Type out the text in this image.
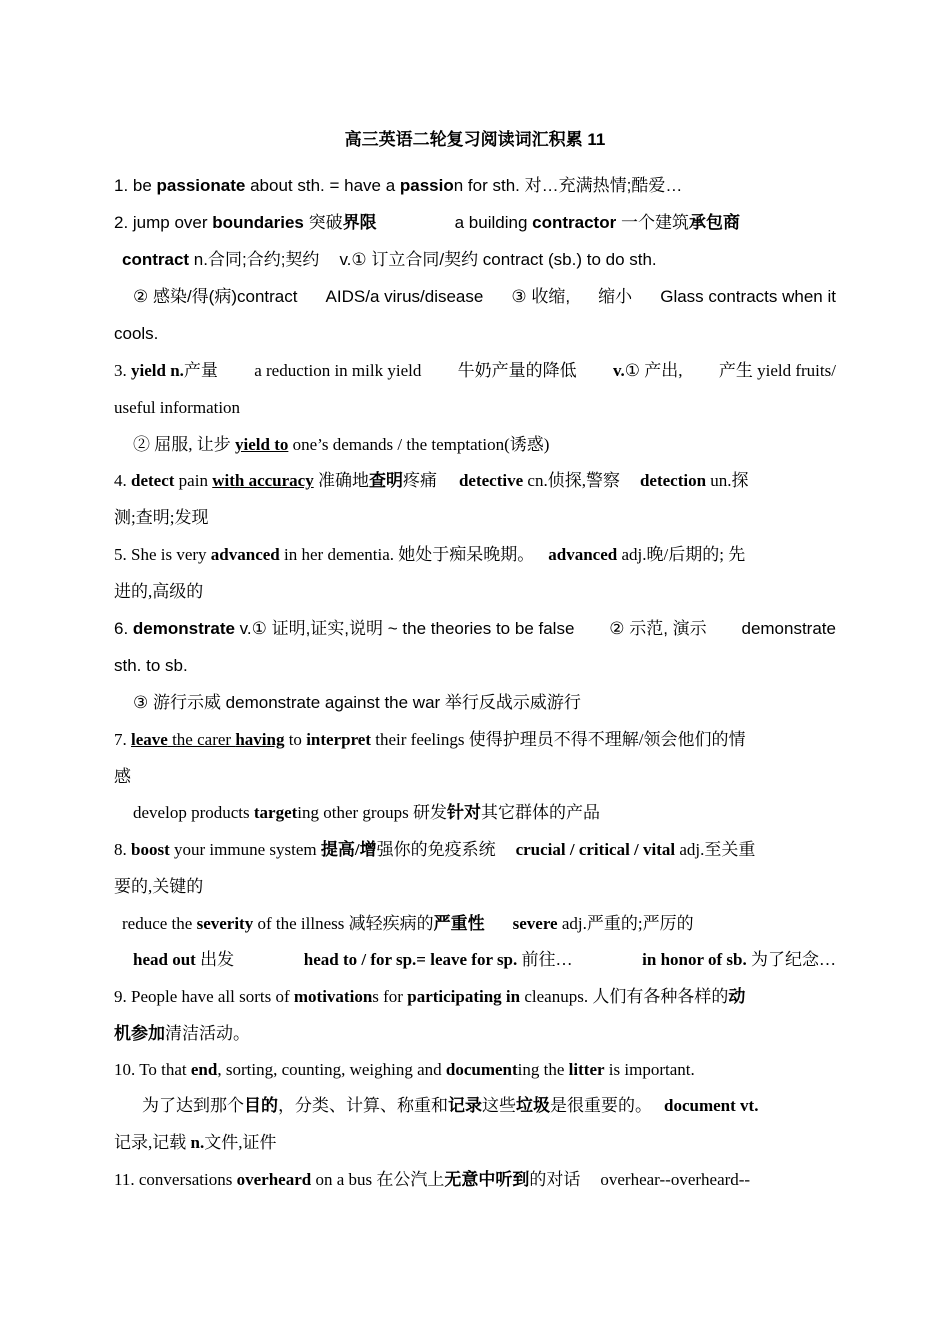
高三英语二轮复习阅读词汇积累 11
1. be passionate about sth. = have a passion for sth. 对…充满热情;酷爱…
2. jump over boundaries 突破界限	a building contractor 一个建筑承包商
contract n.合同;合约;契约 v.① 订立合同/契约 contract (sb.) to do sth.
② 感染/得(病)contract AIDS/a virus/disease ③ 收缩, 缩小 Glass contracts when it
cools.
3. yield n.产量 a reduction in milk yield 牛奶产量的降低 v.① 产出, 产生 yield fruits/
useful information
② 屈服, 让步 yield to one’s demands / the temptation(诱惑)
4. detect pain with accuracy 准确地查明疼痛 detective cn.侦探,警察 detection un.探
测;查明;发现
5. She is very advanced in her dementia. 她处于痴呆晚期。 advanced adj.晚/后期的; 先
进的,高级的
6. demonstrate v.① 证明,证实,说明 ~ the theories to be false ② 示范, 演示 demonstrate
sth. to sb.
③ 游行示威 demonstrate against the war 举行反战示威游行
7. leave the carer having to interpret their feelings 使得护理员不得不理解/领会他们的情
感
develop products targeting other groups 研发针对其它群体的产品
8. boost your immune system 提高/增强你的免疫系统 crucial / critical / vital adj.至关重
要的,关键的
reduce the severity of the illness 减轻疾病的严重性 severe adj.严重的;严厉的
head out 出发	head to / for sp.= leave for sp. 前往…	in honor of sb. 为了纪念…
9. People have all sorts of motivations for participating in cleanups. 人们有各种各样的动
机参加清洁活动。
10. To that end, sorting, counting, weighing and documenting the litter is important.
为了达到那个目的，分类、计算、称重和记录这些垃圾是很重要的。 document vt.
记录,记载 n.文件,证件
11. conversations overheard on a bus 在公汽上无意中听到的对话 overhear--overheard--
